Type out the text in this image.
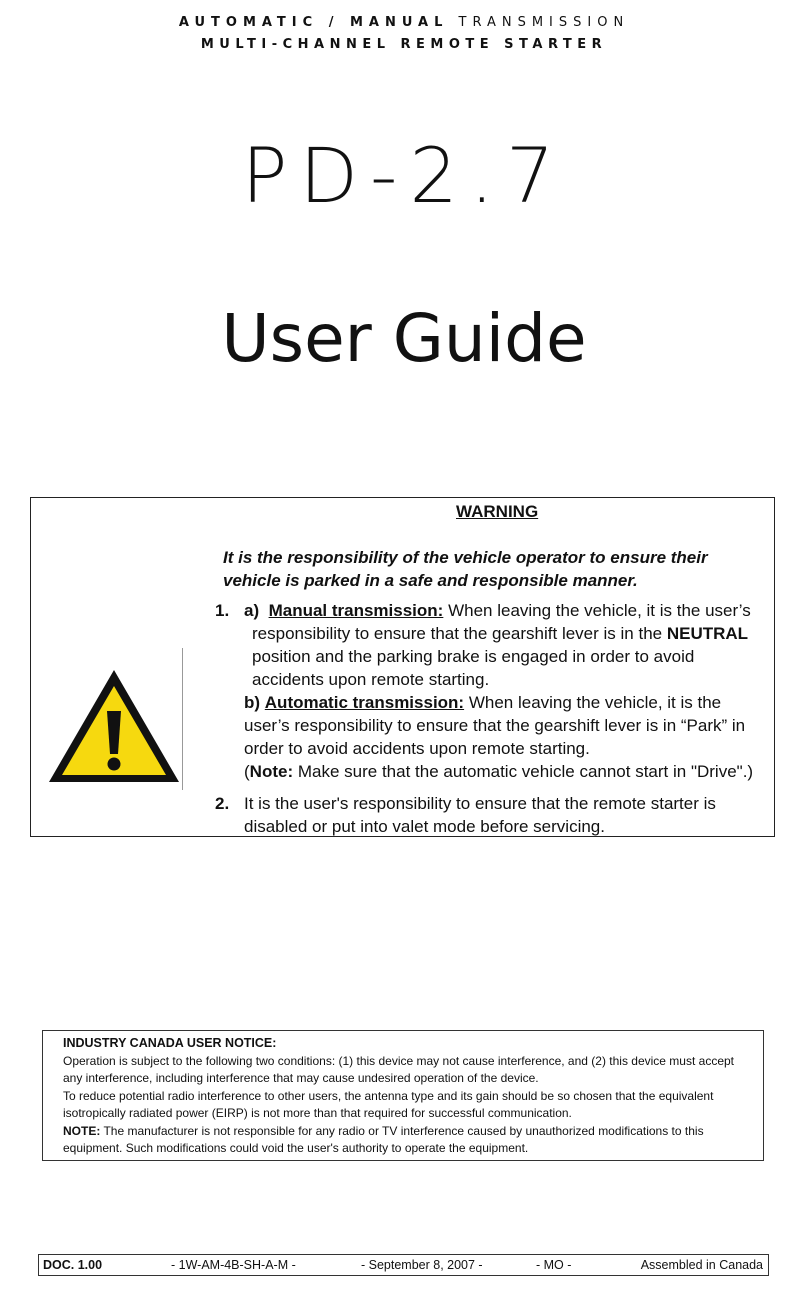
AUTOMATIC / MANUAL TRANSMISSION
MULTI-CHANNEL REMOTE STARTER
PD-2.7
User Guide
WARNING
It is the responsibility of the vehicle operator to ensure their vehicle is parked in a safe and responsible manner.
1. a) Manual transmission: When leaving the vehicle, it is the user’s responsibility to ensure that the gearshift lever is in the NEUTRAL position and the parking brake is engaged in order to avoid accidents upon remote starting.
b) Automatic transmission: When leaving the vehicle, it is the user’s responsibility to ensure that the gearshift lever is in “Park” in order to avoid accidents upon remote starting.
(Note: Make sure that the automatic vehicle cannot start in "Drive".)
2. It is the user's responsibility to ensure that the remote starter is disabled or put into valet mode before servicing.
INDUSTRY CANADA USER NOTICE:
Operation is subject to the following two conditions: (1) this device may not cause interference, and (2) this device must accept any interference, including interference that may cause undesired operation of the device.
To reduce potential radio interference to other users, the antenna type and its gain should be so chosen that the equivalent isotropically radiated power (EIRP) is not more than that required for successful communication.
NOTE: The manufacturer is not responsible for any radio or TV interference caused by unauthorized modifications to this equipment. Such modifications could void the user's authority to operate the equipment.
DOC. 1.00	- 1W-AM-4B-SH-A-M -	- September 8, 2007 -	- MO -	Assembled in Canada
